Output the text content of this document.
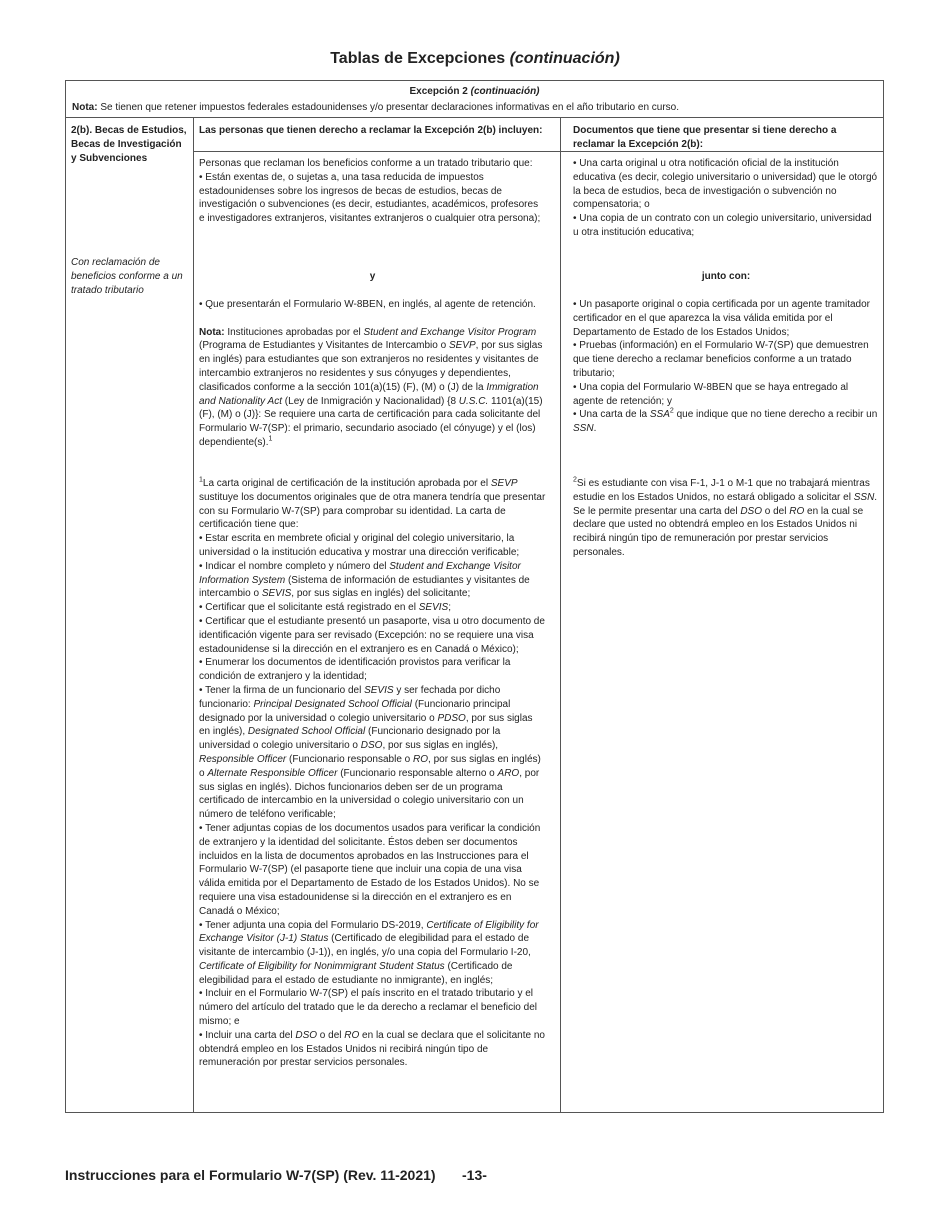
Tablas de Excepciones (continuación)
Excepción 2 (continuación)
Nota: Se tienen que retener impuestos federales estadounidenses y/o presentar declaraciones informativas en el año tributario en curso.
2(b). Becas de Estudios, Becas de Investigación y Subvenciones
Con reclamación de beneficios conforme a un tratado tributario
Las personas que tienen derecho a reclamar la Excepción 2(b) incluyen:	Documentos que tiene que presentar si tiene derecho a reclamar la Excepción 2(b):

Personas que reclaman los beneficios conforme a un tratado tributario que:

• Están exentas de, o sujetas a, una tasa reducida de impuestos estadounidenses sobre los ingresos de becas de estudios, becas de investigación o subvenciones (es decir, estudiantes, académicos, profesores e investigadores extranjeros, visitantes extranjeros o cualquier otra persona);

• Una carta original u otra notificación oficial de la institución educativa (es decir, colegio universitario o universidad) que le otorgó la beca de estudios, beca de investigación o subvención no compensatoria; o

• Una copia de un contrato con un colegio universitario, universidad u otra institución educativa;

y	junto con:

• Que presentarán el Formulario W-8BEN, en inglés, al agente de retención.

Nota: Instituciones aprobadas por el Student and Exchange Visitor Program (Programa de Estudiantes y Visitantes de Intercambio o SEVP, por sus siglas en inglés) para estudiantes que son extranjeros no residentes y visitantes de intercambio extranjeros no residentes y sus cónyuges y dependientes, clasificados conforme a la sección 101(a)(15) (F), (M) o (J) de la Immigration and Nationality Act (Ley de Inmigración y Nacionalidad) {8 U.S.C. 1101(a)(15)(F), (M) o (J)}: Se requiere una carta de certificación para cada solicitante del Formulario W-7(SP): el primario, secundario asociado (el cónyuge) y el (los) dependiente(s).$^1$

• Un pasaporte original o copia certificada por un agente tramitador certificador en el que aparezca la visa válida emitida por el Departamento de Estado de los Estados Unidos;

• Pruebas (información) en el Formulario W-7(SP) que demuestren que tiene derecho a reclamar beneficios conforme a un tratado tributario;

• Una copia del Formulario W-8BEN que se haya entregado al agente de retención; y

• Una carta de la SSA$^2$ que indique que no tiene derecho a recibir un SSN.

$^1$La carta original de certificación de la institución aprobada por el SEVP sustituye los documentos originales que de otra manera tendría que presentar con su Formulario W-7(SP) para comprobar su identidad. La carta de certificación tiene que:

• Estar escrita en membrete oficial y original del colegio universitario, la universidad o la institución educativa y mostrar una dirección verificable;

• Indicar el nombre completo y número del Student and Exchange Visitor Information System (Sistema de información de estudiantes y visitantes de intercambio o SEVIS, por sus siglas en inglés) del solicitante;

• Certificar que el solicitante está registrado en el SEVIS;

• Certificar que el estudiante presentó un pasaporte, visa u otro documento de identificación vigente para ser revisado (Excepción: no se requiere una visa estadounidense si la dirección en el extranjero es en Canadá o México);

• Enumerar los documentos de identificación provistos para verificar la condición de extranjero y la identidad;

• Tener la firma de un funcionario del SEVIS y ser fechada por dicho funcionario: Principal Designated School Official (Funcionario principal designado por la universidad o colegio universitario o PDSO, por sus siglas en inglés), Designated School Official (Funcionario designado por la universidad o colegio universitario o DSO, por sus siglas en inglés), Responsible Officer (Funcionario responsable o RO, por sus siglas en inglés) o Alternate Responsible Officer (Funcionario responsable alterno o ARO, por sus siglas en inglés). Dichos funcionarios deben ser de un programa certificado de intercambio en la universidad o colegio universitario con un número de teléfono verificable;

• Tener adjuntas copias de los documentos usados para verificar la condición de extranjero y la identidad del solicitante. Éstos deben ser documentos incluidos en la lista de documentos aprobados en las Instrucciones para el Formulario W-7(SP) (el pasaporte tiene que incluir una copia de una visa válida emitida por el Departamento de Estado de los Estados Unidos). No se requiere una visa estadounidense si la dirección en el extranjero es en Canadá o México;

• Tener adjunta una copia del Formulario DS-2019, Certificate of Eligibility for Exchange Visitor (J-1) Status (Certificado de elegibilidad para el estado de visitante de intercambio (J-1)), en inglés, y/o una copia del Formulario I-20, Certificate of Eligibility for Nonimmigrant Student Status (Certificado de elegibilidad para el estado de estudiante no inmigrante), en inglés;

• Incluir en el Formulario W-7(SP) el país inscrito en el tratado tributario y el número del artículo del tratado que le da derecho a reclamar el beneficio del mismo; e

• Incluir una carta del DSO o del RO en la cual se declara que el solicitante no obtendrá empleo en los Estados Unidos ni recibirá ningún tipo de remuneración por prestar servicios personales.

$^2$Si es estudiante con visa F-1, J-1 o M-1 que no trabajará mientras estudie en los Estados Unidos, no estará obligado a solicitar el SSN. Se le permite presentar una carta del DSO o del RO en la cual se declare que usted no obtendrá empleo en los Estados Unidos ni recibirá ningún tipo de remuneración por prestar servicios personales.

Instrucciones para el Formulario W-7(SP) (Rev. 11-2021) -13-
